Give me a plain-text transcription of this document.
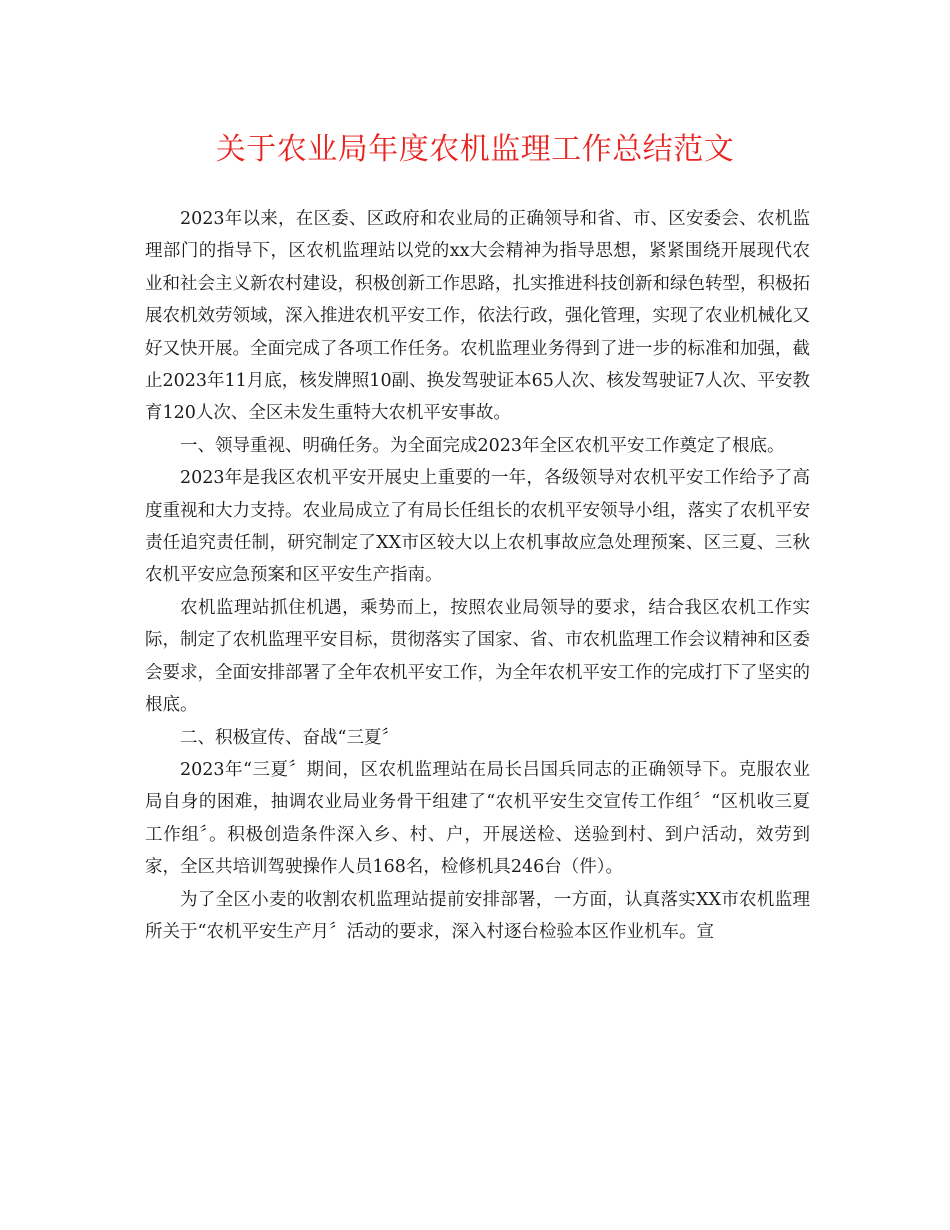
关于农业局年度农机监理工作总结范文

2023年以来，在区委、区政府和农业局的正确领导和省、市、区安委会、农机监理部门的指导下，区农机监理站以党的xx大会精神为指导思想，紧紧围绕开展现代农业和社会主义新农村建设，积极创新工作思路，扎实推进科技创新和绿色转型，积极拓展农机效劳领域，深入推进农机平安工作，依法行政，强化管理，实现了农业机械化又好又快开展。全面完成了各项工作任务。农机监理业务得到了进一步的标准和加强，截止2023年11月底，核发牌照10副、换发驾驶证本65人次、核发驾驶证7人次、平安教育120人次、全区未发生重特大农机平安事故。

一、领导重视、明确任务。为全面完成2023年全区农机平安工作奠定了根底。

2023年是我区农机平安开展史上重要的一年，各级领导对农机平安工作给予了高度重视和大力支持。农业局成立了有局长任组长的农机平安领导小组，落实了农机平安责任追究责任制，研究制定了XX市区较大以上农机事故应急处理预案、区三夏、三秋农机平安应急预案和区平安生产指南。

农机监理站抓住机遇，乘势而上，按照农业局领导的要求，结合我区农机工作实际，制定了农机监理平安目标，贯彻落实了国家、省、市农机监理工作会议精神和区委会要求，全面安排部署了全年农机平安工作，为全年农机平安工作的完成打下了坚实的根底。

二、积极宣传、奋战“三夏〞

2023年“三夏〞期间，区农机监理站在局长吕国兵同志的正确领导下。克服农业局自身的困难，抽调农业局业务骨干组建了“农机平安生交宣传工作组〞“区机收三夏工作组〞。积极创造条件深入乡、村、户，开展送检、送验到村、到户活动，效劳到家，全区共培训驾驶操作人员168名，检修机具246台（件）。

为了全区小麦的收割农机监理站提前安排部署，一方面，认真落实XX市农机监理所关于“农机平安生产月〞活动的要求，深入村逐台检验本区作业机车。宣
